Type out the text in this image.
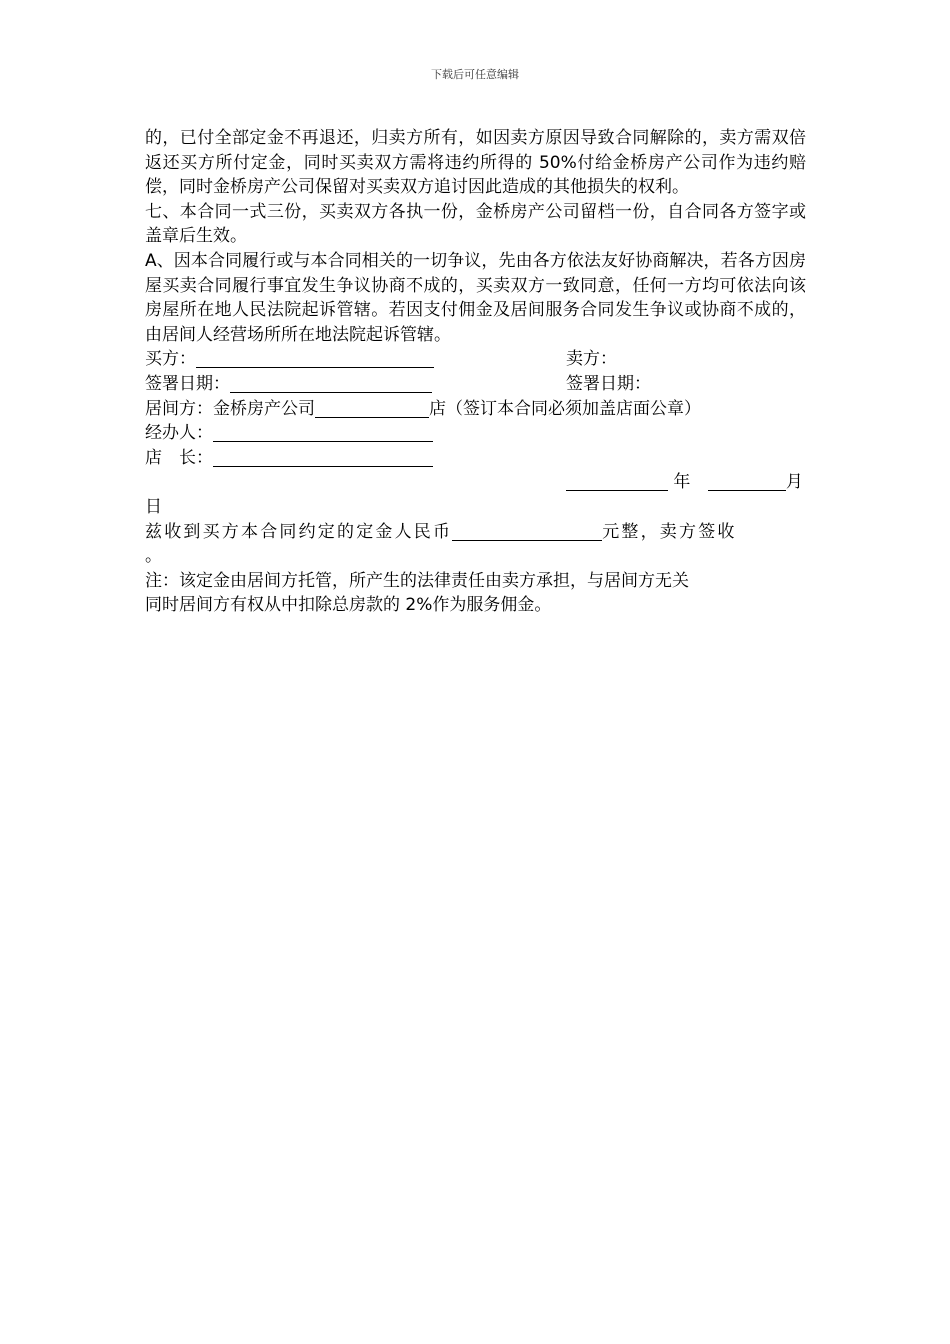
下载后可任意编辑

的，已付全部定金不再退还，归卖方所有，如因卖方原因导致合同解除的，卖方需双倍返还买方所付定金，同时买卖双方需将违约所得的 50%付给金桥房产公司作为违约赔偿，同时金桥房产公司保留对买卖双方追讨因此造成的其他损失的权利。

七、本合同一式三份，买卖双方各执一份，金桥房产公司留档一份，自合同各方签字或盖章后生效。

A、因本合同履行或与本合同相关的一切争议，先由各方依法友好协商解决，若各方因房屋买卖合同履行事宜发生争议协商不成的，买卖双方一致同意，任何一方均可依法向该房屋所在地人民法院起诉管辖。若因支付佣金及居间服务合同发生争议或协商不成的，由居间人经营场所所在地法院起诉管辖。

买方：	卖方：
签署日期：	签署日期：
居间方：金桥房产公司	店（签订本合同必须加盖店面公章）
经办人：
店　长：
年	月
日
兹收到买方本合同约定的定金人民币	元整，卖方签收
。
注：该定金由居间方托管，所产生的法律责任由卖方承担，与居间方无关
同时居间方有权从中扣除总房款的 2%作为服务佣金。
